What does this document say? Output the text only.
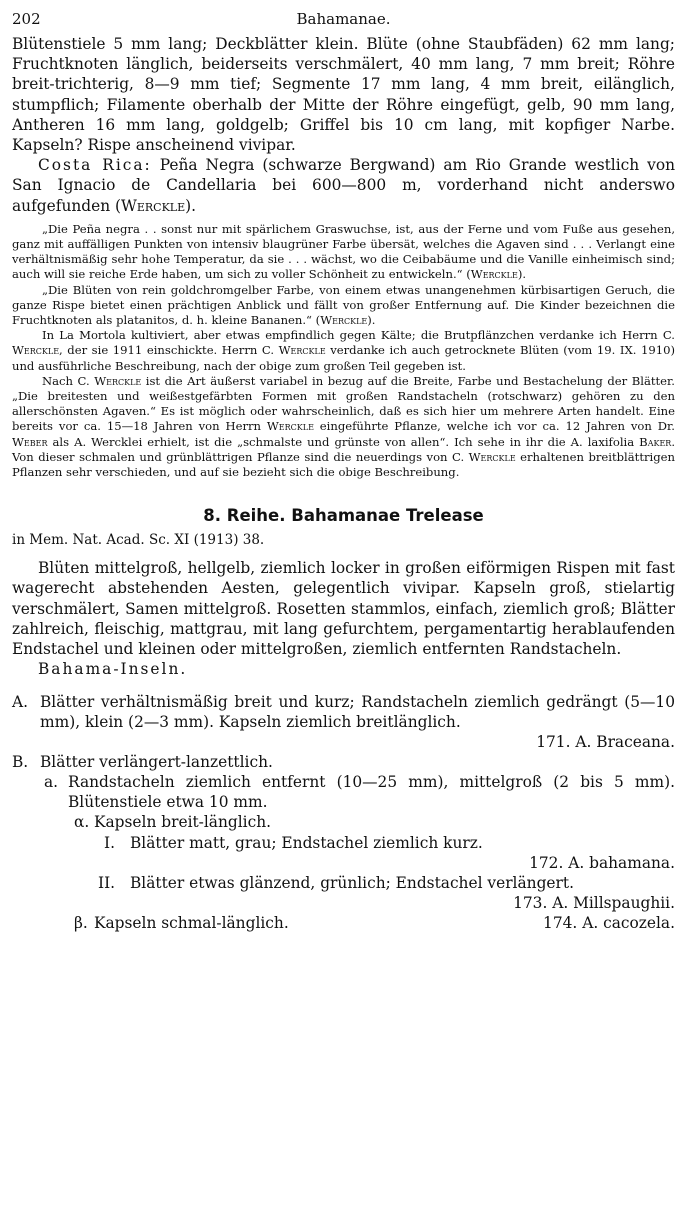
202	Bahamanae.

Blütenstiele 5 mm lang; Deckblätter klein. Blüte (ohne Staubfäden) 62 mm lang; Fruchtknoten länglich, beiderseits verschmälert, 40 mm lang, 7 mm breit; Röhre breit-trichterig, 8—9 mm tief; Segmente 17 mm lang, 4 mm breit, eilänglich, stumpflich; Filamente oberhalb der Mitte der Röhre eingefügt, gelb, 90 mm lang, Antheren 16 mm lang, goldgelb; Griffel bis 10 cm lang, mit kopfiger Narbe. Kapseln? Rispe anscheinend vivipar.

Costa Rica: Peña Negra (schwarze Bergwand) am Rio Grande westlich von San Ignacio de Candellaria bei 600—800 m, vorderhand nicht anderswo aufgefunden (Werckle).

„Die Peña negra . . sonst nur mit spärlichem Graswuchse, ist, aus der Ferne und vom Fuße aus gesehen, ganz mit auffälligen Punkten von intensiv blaugrüner Farbe übersät, welches die Agaven sind . . . Verlangt eine verhältnismäßig sehr hohe Temperatur, da sie . . . wächst, wo die Ceibabäume und die Vanille einheimisch sind; auch will sie reiche Erde haben, um sich zu voller Schönheit zu entwickeln.“ (Werckle).

„Die Blüten von rein goldchromgelber Farbe, von einem etwas unangenehmen kürbisartigen Geruch, die ganze Rispe bietet einen prächtigen Anblick und fällt von großer Entfernung auf. Die Kinder bezeichnen die Fruchtknoten als platanitos, d. h. kleine Bananen.“ (Werckle).

In La Mortola kultiviert, aber etwas empfindlich gegen Kälte; die Brutpflänzchen verdanke ich Herrn C. Werckle, der sie 1911 einschickte. Herrn C. Werckle verdanke ich auch getrocknete Blüten (vom 19. IX. 1910) und ausführliche Beschreibung, nach der obige zum großen Teil gegeben ist.

Nach C. Werckle ist die Art äußerst variabel in bezug auf die Breite, Farbe und Bestachelung der Blätter. „Die breitesten und weißestgefärbten Formen mit großen Randstacheln (rotschwarz) gehören zu den allerschönsten Agaven.“ Es ist möglich oder wahrscheinlich, daß es sich hier um mehrere Arten handelt. Eine bereits vor ca. 15—18 Jahren von Herrn Werckle eingeführte Pflanze, welche ich vor ca. 12 Jahren von Dr. Weber als A. Wercklei erhielt, ist die „schmalste und grünste von allen“. Ich sehe in ihr die A. laxifolia Baker. Von dieser schmalen und grünblättrigen Pflanze sind die neuerdings von C. Werckle erhaltenen breitblättrigen Pflanzen sehr verschieden, und auf sie bezieht sich die obige Beschreibung.

8. Reihe. Bahamanae Trelease
in Mem. Nat. Acad. Sc. XI (1913) 38.

Blüten mittelgroß, hellgelb, ziemlich locker in großen eiförmigen Rispen mit fast wagerecht abstehenden Aesten, gelegentlich vivipar. Kapseln groß, stielartig verschmälert, Samen mittelgroß. Rosetten stammlos, einfach, ziemlich groß; Blätter zahlreich, fleischig, mattgrau, mit lang gefurchtem, pergamentartig herablaufenden Endstachel und kleinen oder mittelgroßen, ziemlich entfernten Randstacheln.

Bahama-Inseln.

A. Blätter verhältnismäßig breit und kurz; Randstacheln ziemlich gedrängt (5—10 mm), klein (2—3 mm). Kapseln ziemlich breitlänglich.
171. A. Braceana.
B. Blätter verlängert-lanzettlich.
a. Randstacheln ziemlich entfernt (10—25 mm), mittelgroß (2 bis 5 mm). Blütenstiele etwa 10 mm.
α. Kapseln breit-länglich.
I. Blätter matt, grau; Endstachel ziemlich kurz.
172. A. bahamana.
II. Blätter etwas glänzend, grünlich; Endstachel verlängert.
173. A. Millspaughii.
β. Kapseln schmal-länglich.	174. A. cacozela.
